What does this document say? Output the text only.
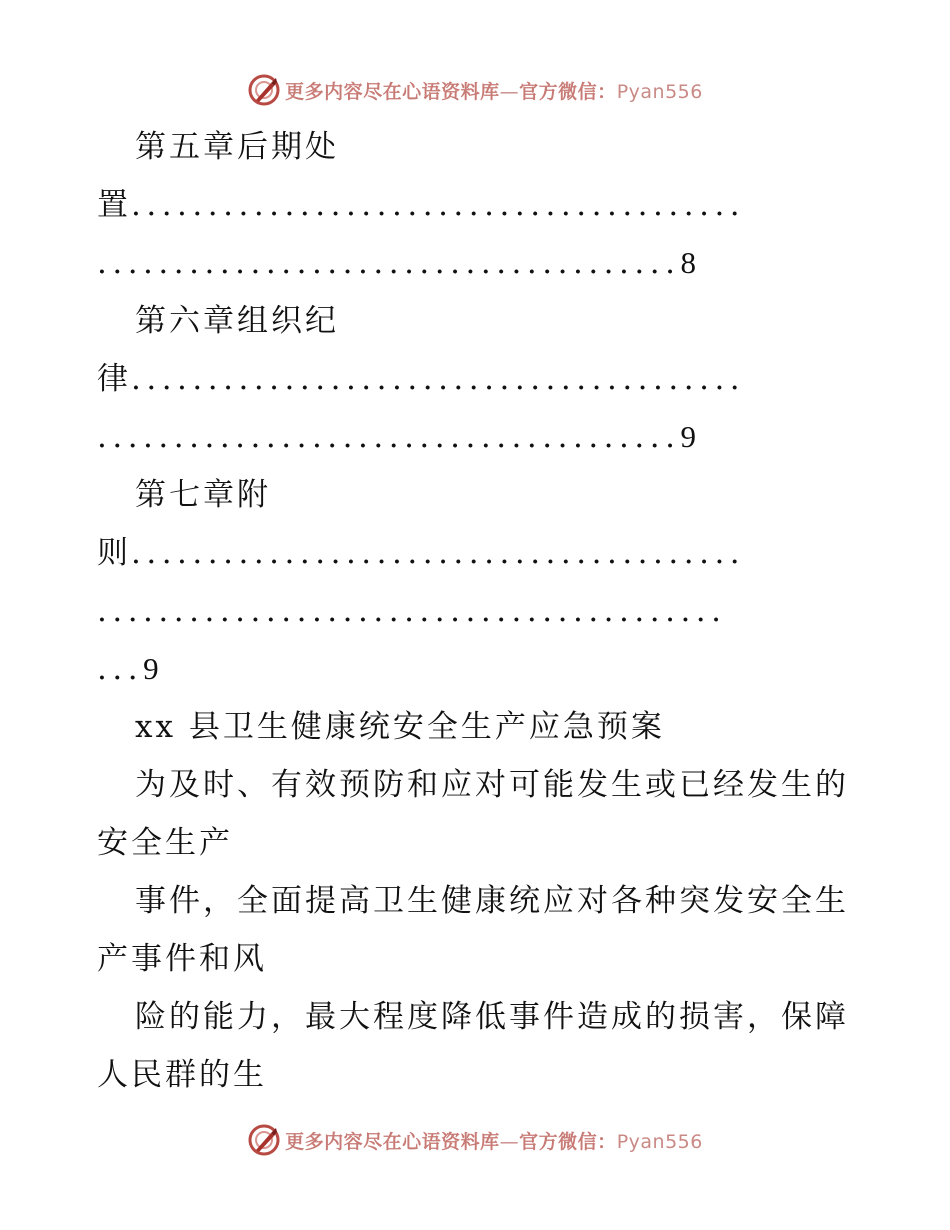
更多内容尽在心语资料库—官方微信：Pyan556
第五章后期处
置........................................
......................................8
第六章组织纪
律........................................
......................................9
第七章附
则........................................
.........................................
...9
xx 县卫生健康统安全生产应急预案
为及时、有效预防和应对可能发生或已经发生的
安全生产
事件，全面提高卫生健康统应对各种突发安全生
产事件和风
险的能力，最大程度降低事件造成的损害，保障
人民群的生
更多内容尽在心语资料库—官方微信：Pyan556
